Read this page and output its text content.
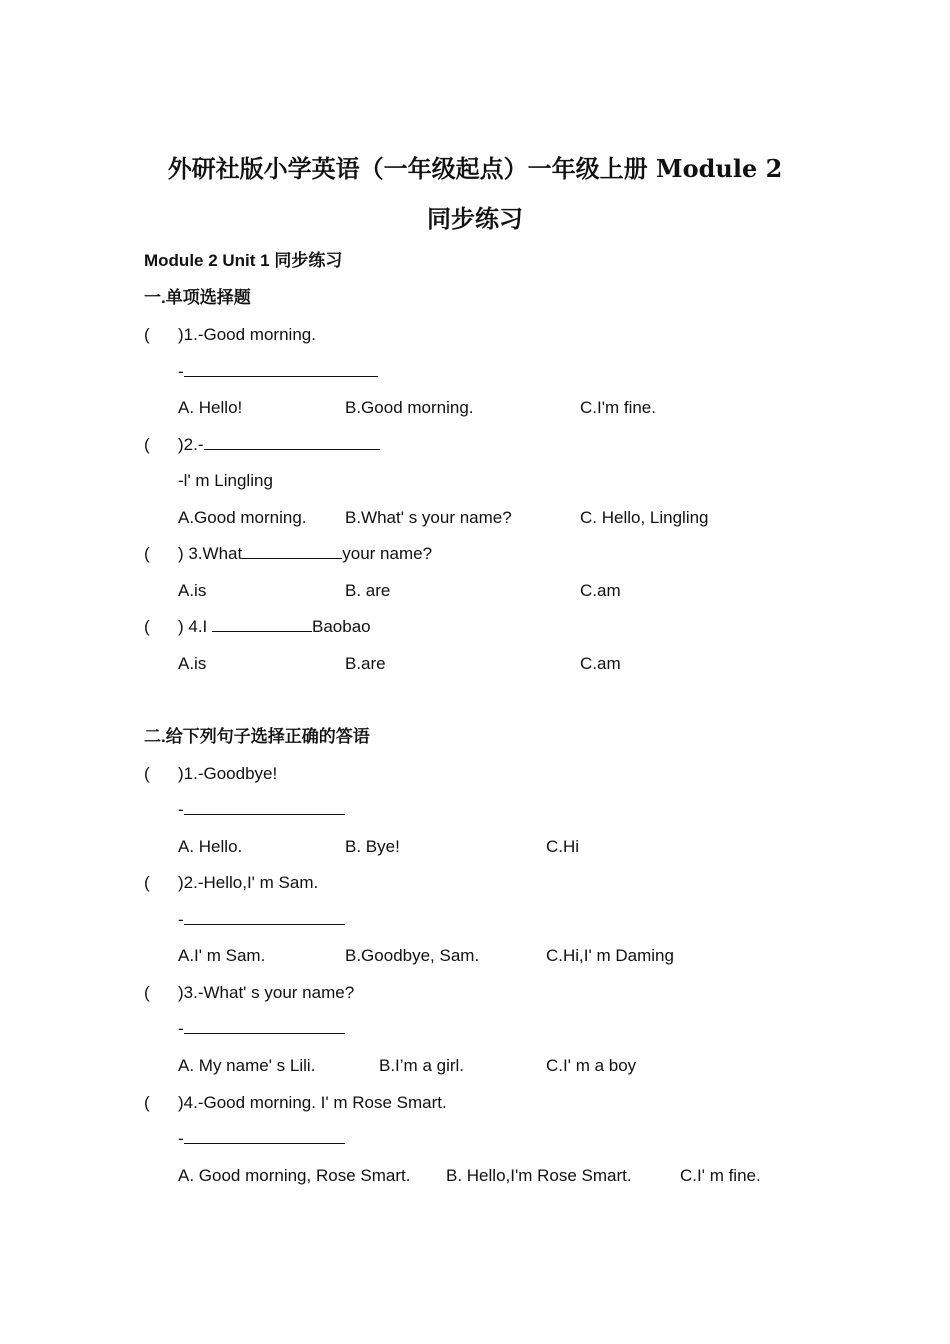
外研社版小学英语（一年级起点）一年级上册 Module 2
同步练习
Module 2 Unit 1 同步练习
一.单项选择题
( )1.-Good morning.
-
A. Hello!	B.Good morning.	C.I'm fine.
( )2.-
-l' m Lingling
A.Good morning. B.What' s your name?	C. Hello, Lingling
( ) 3.What	your name?
A.is	B. are	C.am
( ) 4.I	Baobao
A.is	B.are	C.am
二.给下列句子选择正确的答语
( )1.-Goodbye!
-
A. Hello.	B. Bye!	C.Hi
( )2.-Hello,I' m Sam.
-
A.I' m Sam.	B.Goodbye, Sam.	C.Hi,I' m Daming
( )3.-What' s your name?
-
A. My name' s Lili.	B.I’m a girl.	C.I' m a boy
( )4.-Good morning. I' m Rose Smart.
-
A. Good morning, Rose Smart. B. Hello,I'm Rose Smart.	C.I' m fine.
